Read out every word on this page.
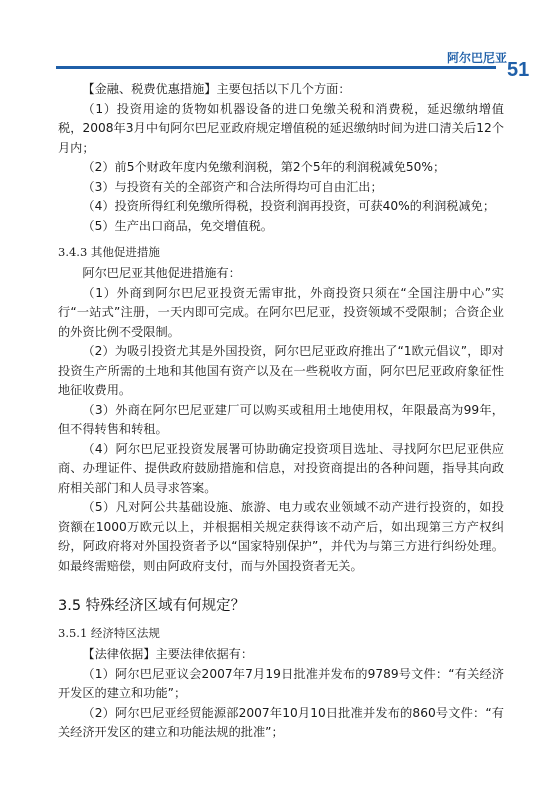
阿尔巴尼亚
51

【金融、税费优惠措施】主要包括以下几个方面：

（1）投资用途的货物如机器设备的进口免缴关税和消费税，延迟缴纳增值税，2008年3月中旬阿尔巴尼亚政府规定增值税的延迟缴纳时间为进口清关后12个月内；

（2）前5个财政年度内免缴利润税，第2个5年的利润税减免50%；

（3）与投资有关的全部资产和合法所得均可自由汇出；

（4）投资所得红利免缴所得税，投资利润再投资，可获40%的利润税减免；

（5）生产出口商品，免交增值税。

3.4.3 其他促进措施

阿尔巴尼亚其他促进措施有：

（1）外商到阿尔巴尼亚投资无需审批，外商投资只须在“全国注册中心”实行“一站式”注册，一天内即可完成。在阿尔巴尼亚，投资领域不受限制；合资企业的外资比例不受限制。

（2）为吸引投资尤其是外国投资，阿尔巴尼亚政府推出了“1欧元倡议”，即对投资生产所需的土地和其他国有资产以及在一些税收方面，阿尔巴尼亚政府象征性地征收费用。

（3）外商在阿尔巴尼亚建厂可以购买或租用土地使用权，年限最高为99年，但不得转售和转租。

（4）阿尔巴尼亚投资发展署可协助确定投资项目选址、寻找阿尔巴尼亚供应商、办理证件、提供政府鼓励措施和信息，对投资商提出的各种问题，指导其向政府相关部门和人员寻求答案。

（5）凡对阿公共基础设施、旅游、电力或农业领域不动产进行投资的，如投资额在1000万欧元以上，并根据相关规定获得该不动产后，如出现第三方产权纠纷，阿政府将对外国投资者予以“国家特别保护”，并代为与第三方进行纠纷处理。如最终需赔偿，则由阿政府支付，而与外国投资者无关。

3.5 特殊经济区域有何规定？
3.5.1 经济特区法规

【法律依据】主要法律依据有：

（1）阿尔巴尼亚议会2007年7月19日批准并发布的9789号文件：“有关经济开发区的建立和功能”；

（2）阿尔巴尼亚经贸能源部2007年10月10日批准并发布的860号文件：“有关经济开发区的建立和功能法规的批准”；
